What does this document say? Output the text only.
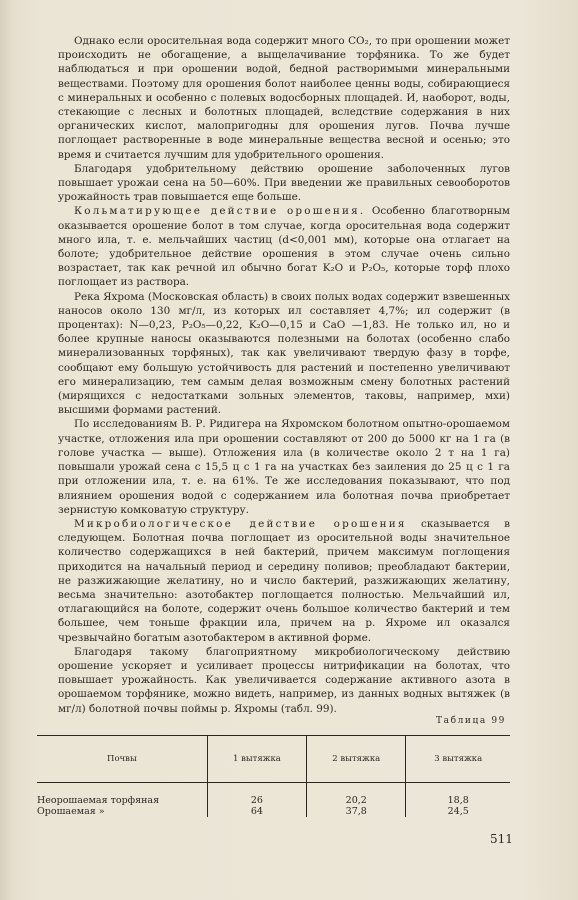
Однако если оросительная вода содержит много CO₂, то при орошении может происходить не обогащение, а выщелачивание торфяника. То же будет наблюдаться и при орошении водой, бедной растворимыми минеральными веществами. Поэтому для орошения болот наиболее ценны воды, собирающиеся с минеральных и особенно с полевых водосборных площадей. И, наоборот, воды, стекающие с лесных и болотных площадей, вследствие содержания в них органических кислот, малопригодны для орошения лугов. Почва лучше поглощает растворенные в воде минеральные вещества весной и осенью; это время и считается лучшим для удобрительного орошения.

Благодаря удобрительному действию орошение заболоченных лугов повышает урожаи сена на 50—60%. При введении же правильных севооборотов урожайность трав повышается еще больше.

Кольматирующее действие орошения. Особенно благотворным оказывается орошение болот в том случае, когда оросительная вода содержит много ила, т. е. мельчайших частиц (d<0,001 мм), которые она отлагает на болоте; удобрительное действие орошения в этом случае очень сильно возрастает, так как речной ил обычно богат K₂O и P₂O₅, которые торф плохо поглощает из раствора.

Река Яхрома (Московская область) в своих полых водах содержит взвешенных наносов около 130 мг/л, из которых ил составляет 4,7%; ил содержит (в процентах): N—0,23, P₂O₅—0,22, K₂O—0,15 и CaO —1,83. Не только ил, но и более крупные наносы оказываются полезными на болотах (особенно слабо минерализованных торфяных), так как увеличивают твердую фазу в торфе, сообщают ему большую устойчивость для растений и постепенно увеличивают его минерализацию, тем самым делая возможным смену болотных растений (мирящихся с недостатками зольных элементов, таковы, например, мхи) высшими формами растений.

По исследованиям В. Р. Ридигера на Яхромском болотном опытно-орошаемом участке, отложения ила при орошении составляют от 200 до 5000 кг на 1 га (в голове участка — выше). Отложения ила (в количестве около 2 т на 1 га) повышали урожай сена с 15,5 ц с 1 га на участках без заиления до 25 ц с 1 га при отложении ила, т. е. на 61%. Те же исследования показывают, что под влиянием орошения водой с содержанием ила болотная почва приобретает зернистую комковатую структуру.

Микробиологическое действие орошения сказывается в следующем. Болотная почва поглощает из оросительной воды значительное количество содержащихся в ней бактерий, причем максимум поглощения приходится на начальный период и середину поливов; преобладают бактерии, не разжижающие желатину, но и число бактерий, разжижающих желатину, весьма значительно: азотобактер поглощается полностью. Мельчайший ил, отлагающийся на болоте, содержит очень большое количество бактерий и тем большее, чем тоньше фракции ила, причем на р. Яхроме ил оказался чрезвычайно богатым азотобактером в активной форме.

Благодаря такому благоприятному микробиологическому действию орошение ускоряет и усиливает процессы нитрификации на болотах, что повышает урожайность. Как увеличивается содержание активного азота в орошаемом торфянике, можно видеть, например, из данных водных вытяжек (в мг/л) болотной почвы поймы р. Яхромы (табл. 99).

Таблица 99
Почвы	1 вытяжка	2 вытяжка	3 вытяжка
Неорошаемая торфяная	26	20,2	18,8
Орошаемая »	64	37,8	24,5
511
